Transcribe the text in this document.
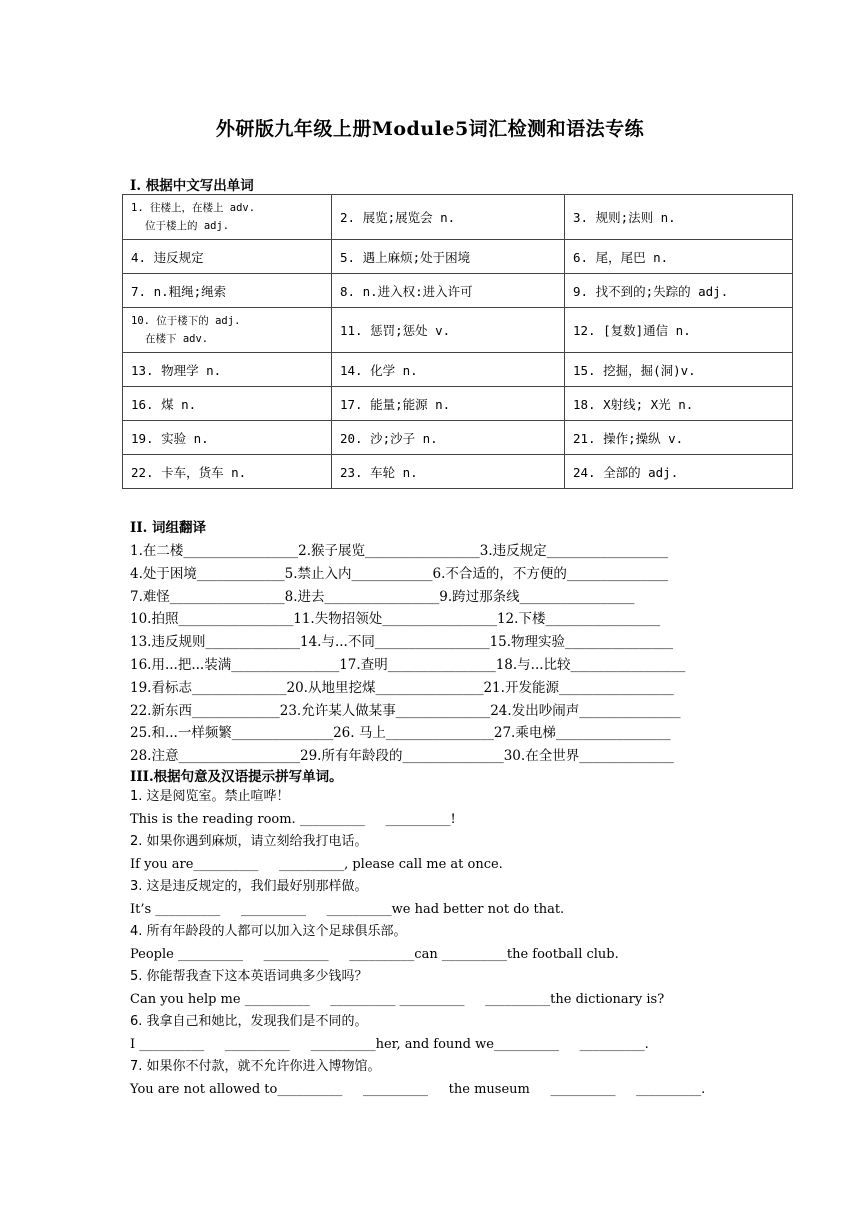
外研版九年级上册Module5词汇检测和语法专练
I. 根据中文写出单词
1. 往楼上，在楼上 adv.
位于楼上的 adj.	2. 展览;展览会 n.	3. 规则;法则 n.
4. 违反规定	5. 遇上麻烦;处于困境	6. 尾，尾巴 n.
7. n.粗绳;绳索	8. n.进入权:进入许可	9. 找不到的;失踪的 adj.

10. 位于楼下的 adj.
在楼下 adv.	11. 惩罚;惩处 v.	12. [复数]通信 n.
13. 物理学 n.	14. 化学 n.	15. 挖掘，掘(洞)v.
16. 煤 n.	17. 能量;能源 n.	18. X射线; X光 n.
19. 实验 n.	20. 沙;沙子 n.	21. 操作;操纵 v.
22. 卡车，货车 n.	23. 车轮 n.	24. 全部的 adj.
II. 词组翻译
1.在二楼_________________2.猴子展览_________________3.违反规定__________________
4.处于困境_____________5.禁止入内____________6.不合适的，不方便的_______________
7.难怪_________________8.进去_________________9.跨过那条线_________________
10.拍照_________________11.失物招领处_________________12.下楼_________________
13.违反规则______________14.与...不同_________________15.物理实验________________
16.用...把...装满________________17.查明________________18.与...比较_________________
19.看标志______________20.从地里挖煤________________21.开发能源_________________
22.新东西_____________23.允许某人做某事______________24.发出吵闹声_______________
25.和...一样频繁_______________26. 马上________________27.乘电梯_________________
28.注意__________________29.所有年龄段的_______________30.在全世界______________
III.根据句意及汉语提示拼写单词。
1. 这是阅览室。禁止喧哗！
This is the reading room. __________     __________!
2. 如果你遇到麻烦，请立刻给我打电话。
If you are__________     __________, please call me at once.
3. 这是违反规定的，我们最好别那样做。
It’s __________     __________     __________we had better not do that.
4. 所有年龄段的人都可以加入这个足球俱乐部。
People __________     __________     __________can __________the football club.
5. 你能帮我查下这本英语词典多少钱吗？
Can you help me __________     __________ __________     __________the dictionary is?
6. 我拿自己和她比，发现我们是不同的。
I __________     __________     __________her, and found we__________     __________.
7. 如果你不付款，就不允许你进入博物馆。
You are not allowed to__________     __________     the museum     __________     __________.
